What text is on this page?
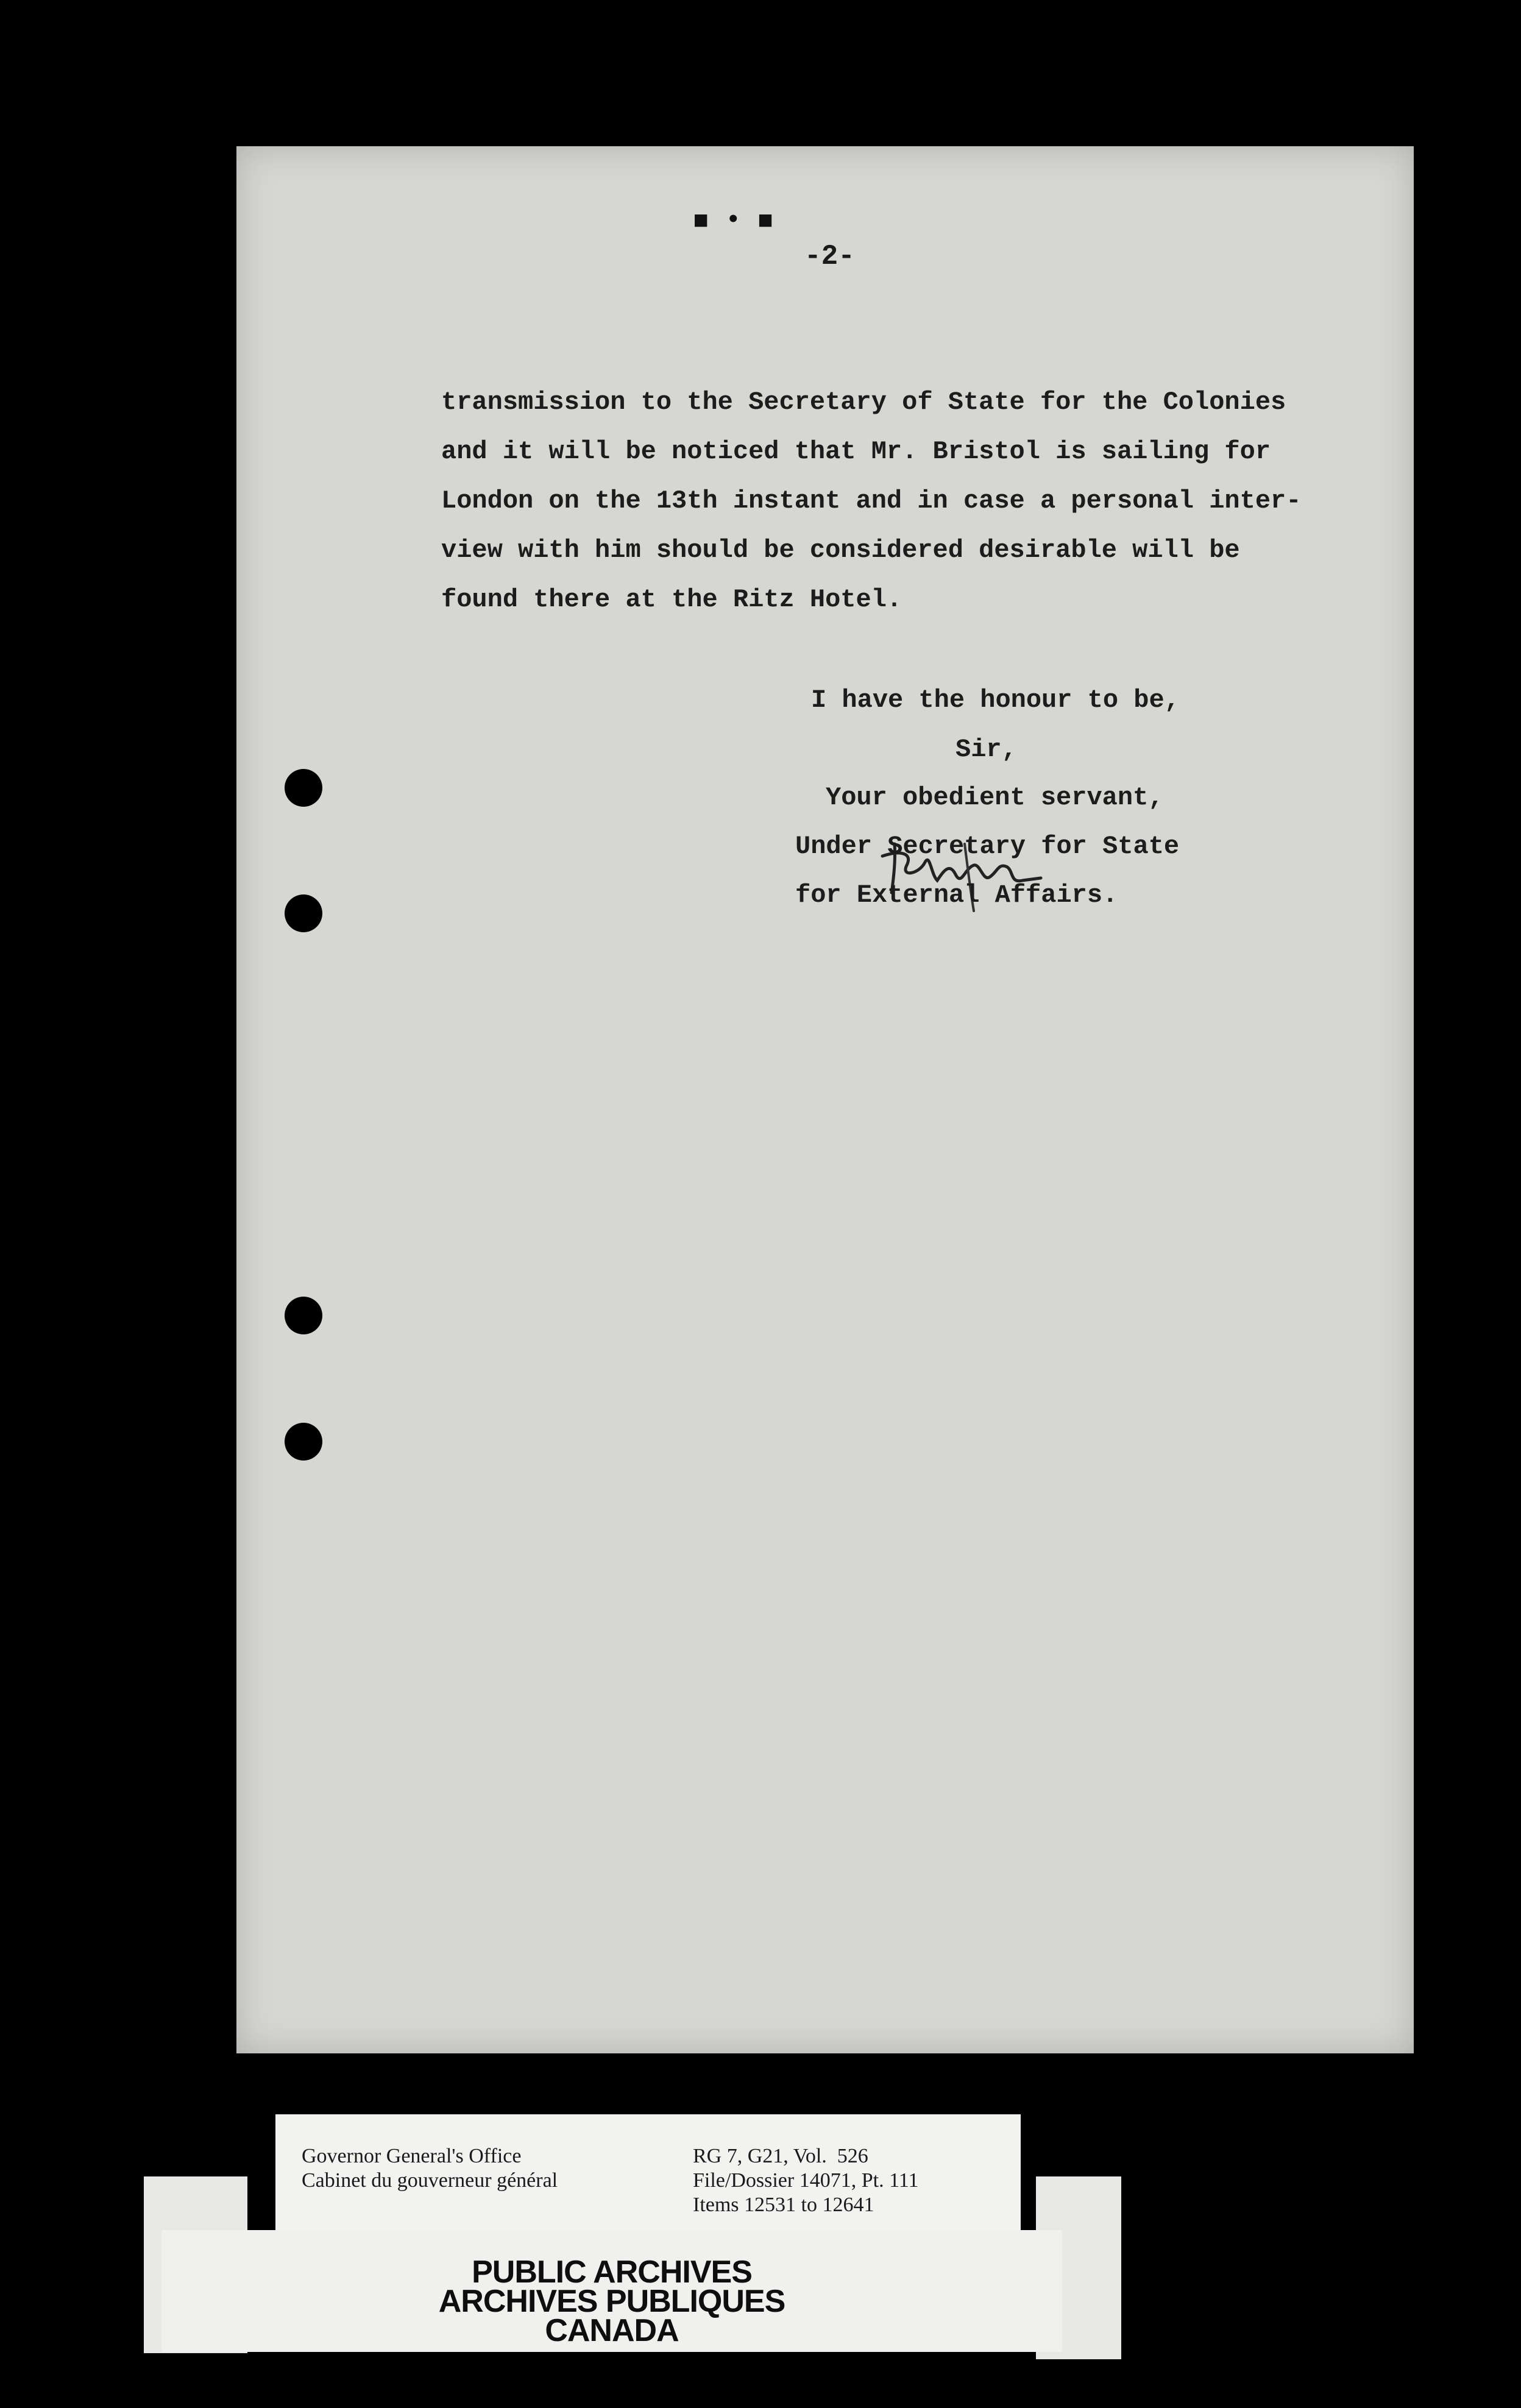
■ • ■
-2-
transmission to the Secretary of State for the Colonies
and it will be noticed that Mr. Bristol is sailing for
London on the 13th instant and in case a personal inter-
view with him should be considered desirable will be
found there at the Ritz Hotel.
I have the honour to be,
Sir,
Your obedient servant,
Under Secretary for State
for External Affairs.
Governor General's Office
Cabinet du gouverneur général
RG 7, G21, Vol.  526
File/Dossier 14071, Pt. 111
Items 12531 to 12641
PUBLIC ARCHIVES
ARCHIVES PUBLIQUES
CANADA
